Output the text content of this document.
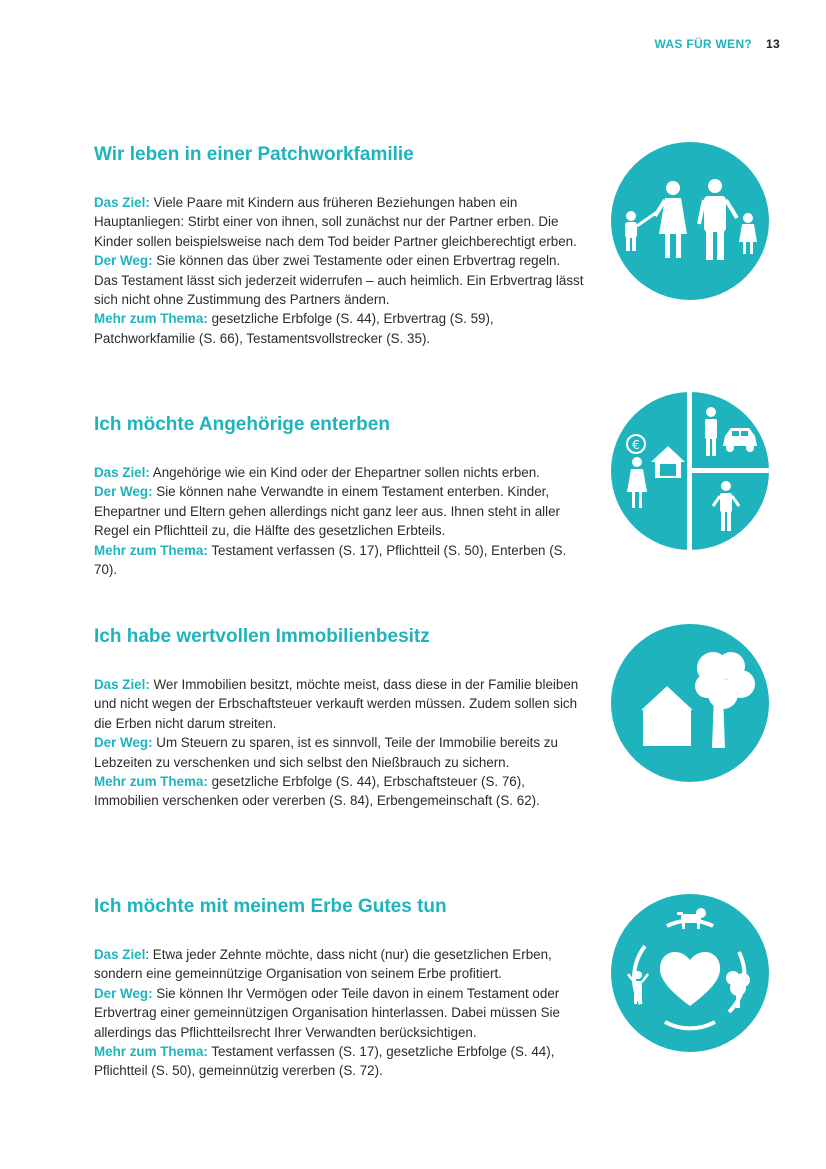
WAS FÜR WEN? 13
Wir leben in einer Patchworkfamilie

Das Ziel: Viele Paare mit Kindern aus früheren Beziehungen haben ein Hauptanliegen: Stirbt einer von ihnen, soll zunächst nur der Partner erben. Die Kinder sollen beispielsweise nach dem Tod beider Partner gleichberechtigt erben.
Der Weg: Sie können das über zwei Testamente oder einen Erbvertrag regeln. Das Testament lässt sich jederzeit widerrufen – auch heimlich. Ein Erbvertrag lässt sich nicht ohne Zustimmung des Partners ändern.
Mehr zum Thema: gesetzliche Erbfolge (S. 44), Erbvertrag (S. 59), Patchworkfamilie (S. 66), Testamentsvollstrecker (S. 35).

Ich möchte Angehörige enterben

Das Ziel: Angehörige wie ein Kind oder der Ehepartner sollen nichts erben.
Der Weg: Sie können nahe Verwandte in einem Testament enterben. Kinder, Ehepartner und Eltern gehen allerdings nicht ganz leer aus. Ihnen steht in aller Regel ein Pflichtteil zu, die Hälfte des gesetzlichen Erbteils.
Mehr zum Thema: Testament verfassen (S. 17), Pflichtteil (S. 50), Enterben (S. 70).

€
Ich habe wertvollen Immobilienbesitz

Das Ziel: Wer Immobilien besitzt, möchte meist, dass diese in der Familie bleiben und nicht wegen der Erbschaftsteuer verkauft werden müssen. Zudem sollen sich die Erben nicht darum streiten.
Der Weg: Um Steuern zu sparen, ist es sinnvoll, Teile der Immobilie bereits zu Lebzeiten zu verschenken und sich selbst den Nießbrauch zu sichern.
Mehr zum Thema: gesetzliche Erbfolge (S. 44), Erbschaftsteuer (S. 76), Immobilien verschenken oder vererben (S. 84), Erbengemeinschaft (S. 62).

Ich möchte mit meinem Erbe Gutes tun

Das Ziel: Etwa jeder Zehnte möchte, dass nicht (nur) die gesetzlichen Erben, sondern eine gemeinnützige Organisation von seinem Erbe profitiert.
Der Weg: Sie können Ihr Vermögen oder Teile davon in einem Testament oder Erbvertrag einer gemeinnützigen Organisation hinterlassen. Dabei müssen Sie allerdings das Pflichtteilsrecht Ihrer Verwandten berücksichtigen.
Mehr zum Thema: Testament verfassen (S. 17), gesetzliche Erbfolge (S. 44), Pflichtteil (S. 50), gemeinnützig vererben (S. 72).
